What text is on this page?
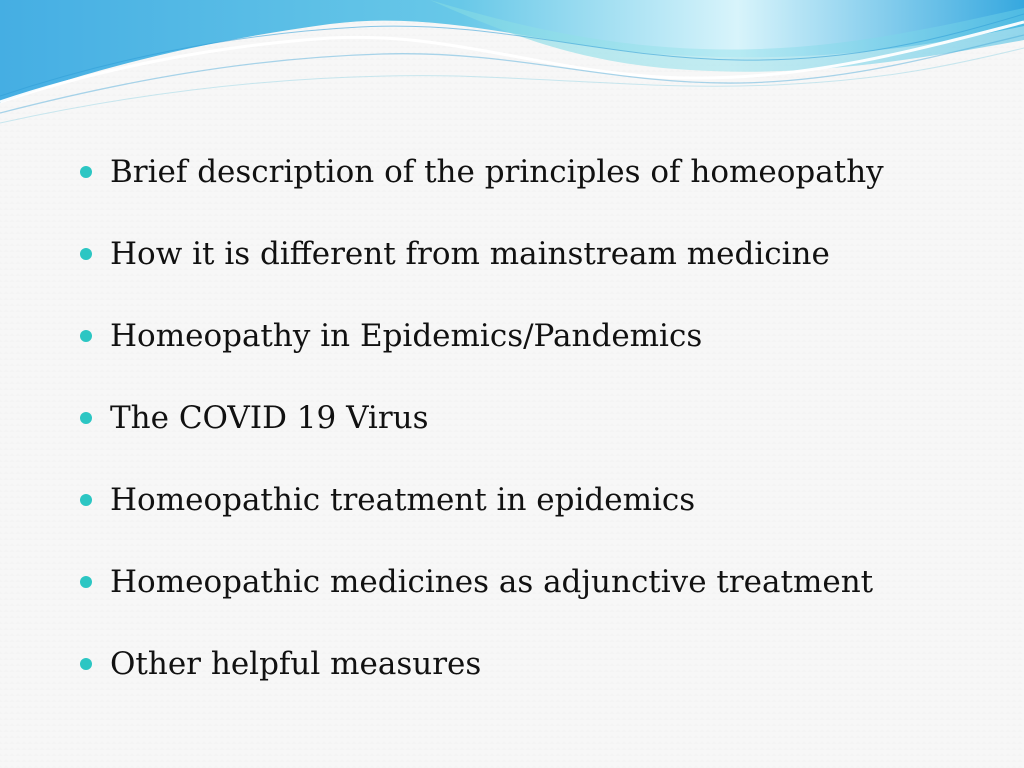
Brief description of the principles of homeopathy
How it is different from mainstream medicine
Homeopathy in Epidemics/Pandemics
The COVID 19 Virus
Homeopathic treatment in epidemics
Homeopathic medicines as adjunctive treatment
Other helpful measures
